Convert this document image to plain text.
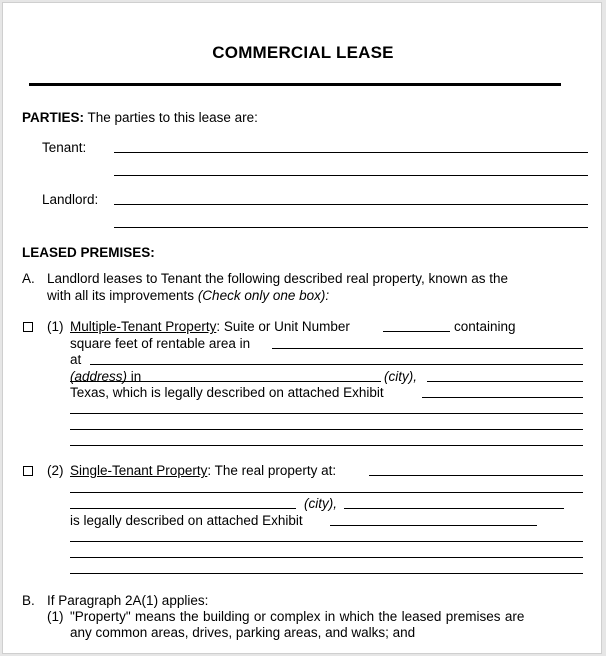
COMMERCIAL LEASE
PARTIES: The parties to this lease are:
Tenant:
Landlord:
LEASED PREMISES:
A. Landlord leases to Tenant the following described real property, known as the
with all its improvements (Check only one box):
(1) Multiple-Tenant Property: Suite or Unit Number	containing
square feet of rentable area in
at
(address) in	(city),
Texas, which is legally described on attached Exhibit
(2) Single-Tenant Property: The real property at:
(city),
is legally described on attached Exhibit
B. If Paragraph 2A(1) applies:
(1) "Property" means the building or complex in which the leased premises are
any common areas, drives, parking areas, and walks; and
